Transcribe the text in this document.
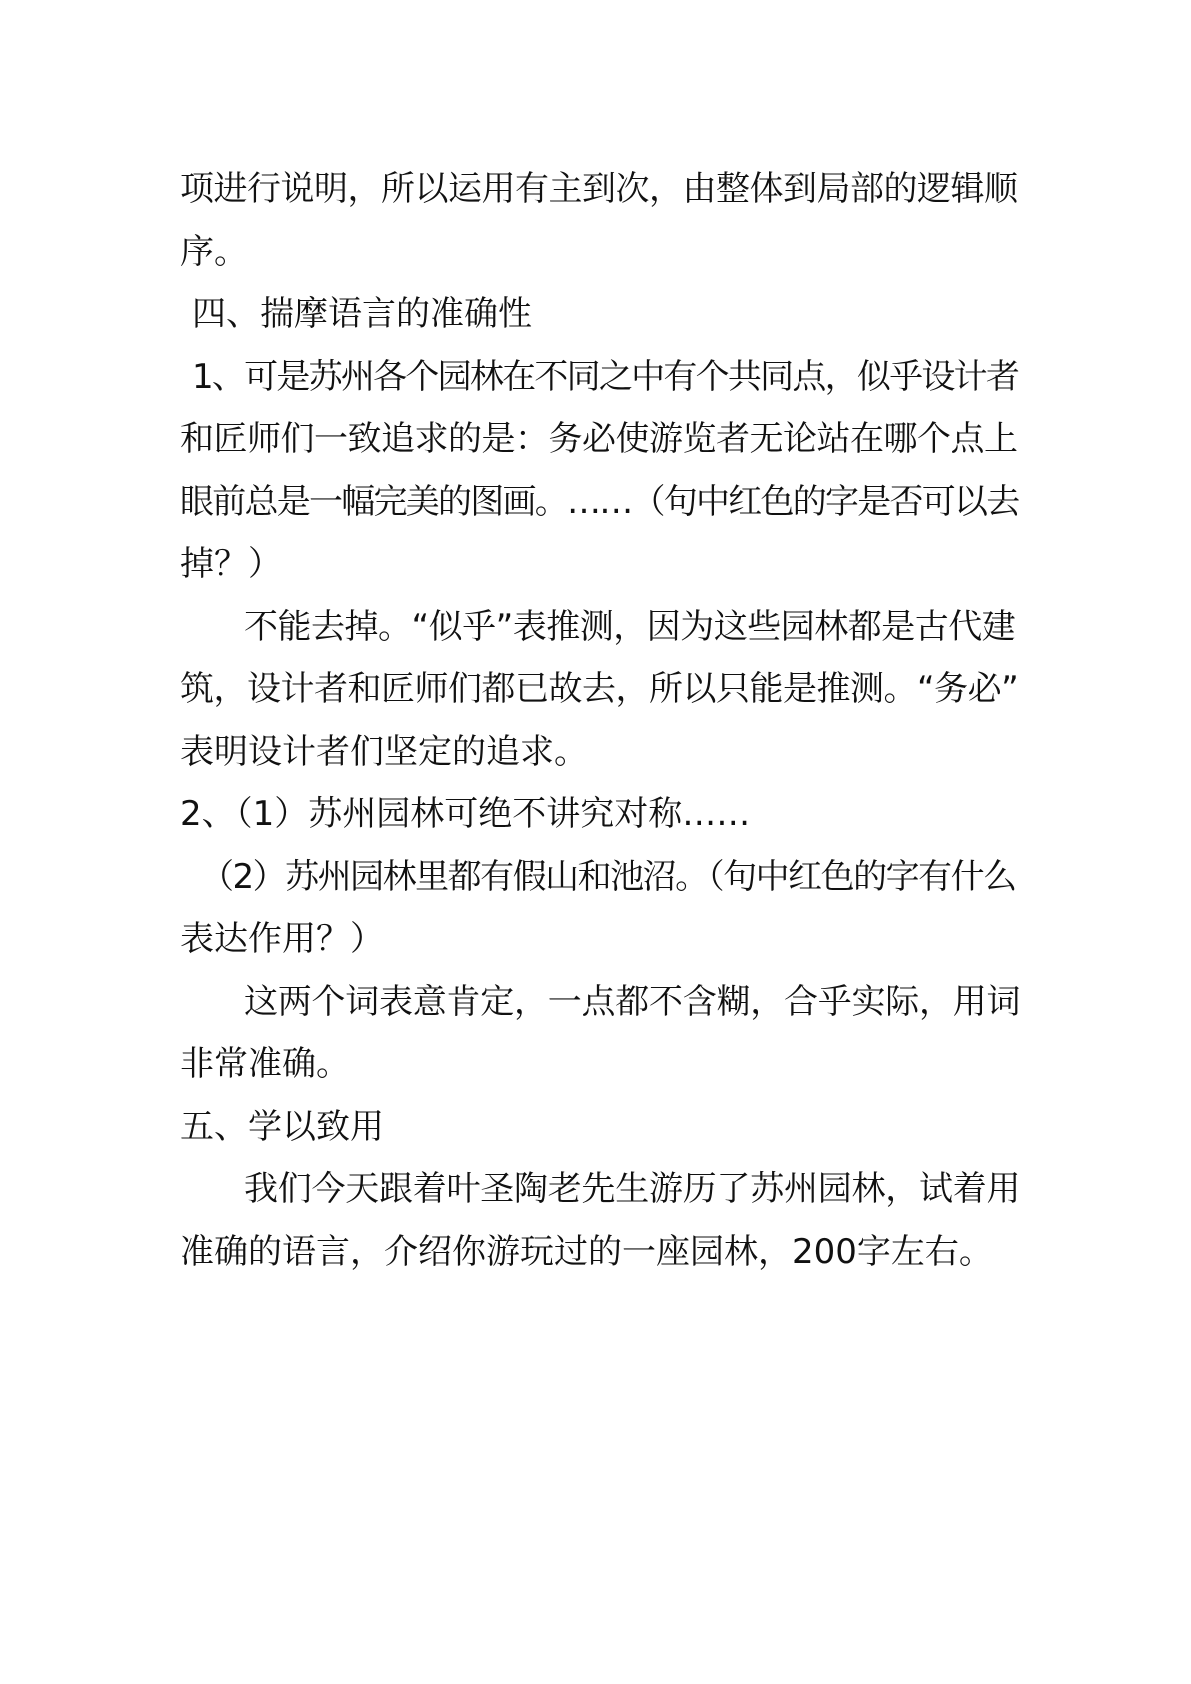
项进行说明，所以运用有主到次，由整体到局部的逻辑顺
序。
四、揣摩语言的准确性
1、可是苏州各个园林在不同之中有个共同点，似乎设计者
和匠师们一致追求的是：务必使游览者无论站在哪个点上
眼前总是一幅完美的图画。……（句中红色的字是否可以去
掉？）
不能去掉。“似乎”表推测，因为这些园林都是古代建
筑，设计者和匠师们都已故去，所以只能是推测。“务必”
表明设计者们坚定的追求。
2、（1）苏州园林可绝不讲究对称……
（2）苏州园林里都有假山和池沼。（句中红色的字有什么
表达作用？）
这两个词表意肯定，一点都不含糊，合乎实际，用词
非常准确。
五、学以致用
我们今天跟着叶圣陶老先生游历了苏州园林，试着用
准确的语言，介绍你游玩过的一座园林，200字左右。
